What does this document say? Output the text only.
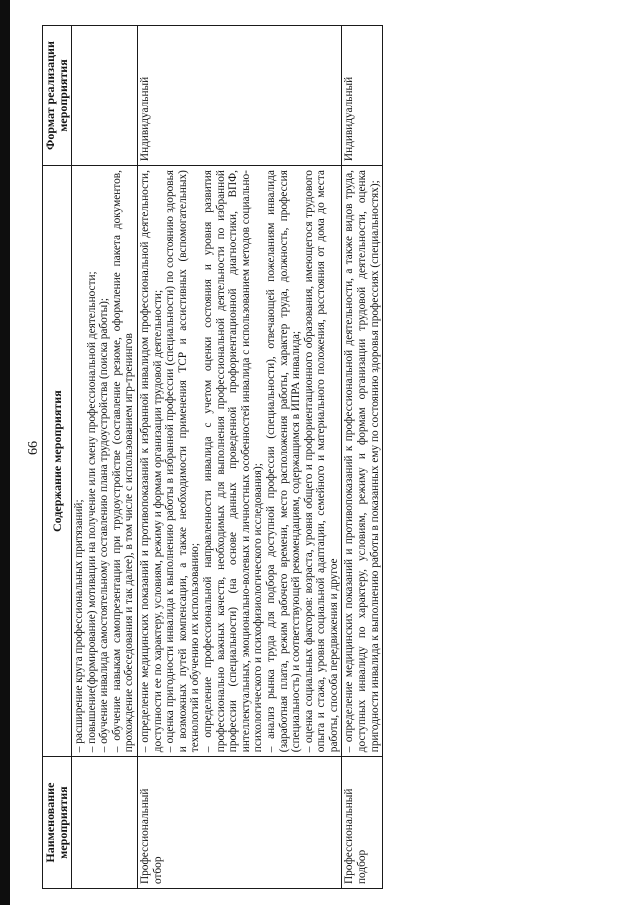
66
Наименование мероприятия	Содержание мероприятия	Формат реализации мероприятия

	– расширение круга профессиональных притязаний; – повышение(формирование) мотивации на получение или смену профессиональной деятельности; – обучение инвалида самостоятельному составлению плана трудоустройства (поиска работы); – обучение навыкам самопрезентации при трудоустройстве (составление резюме, оформление пакета документов, прохождение собеседования и так далее), в том числе с использованием игр-тренингов	

Профессиональный отбор	– определение медицинских показаний и противопоказаний к избранной инвалидом профессиональной деятельности, доступности ее по характеру, условиям, режиму и формам организации трудовой деятельности; – оценка пригодности инвалида к выполнению работы в избранной профессии (специальности) по состоянию здоровья и возможных путей компенсации, а также необходимости применения ТСР и ассистивных (вспомогательных) технологий и обучению их использованию; – определение профессиональной направленности инвалида с учетом оценки состояния и уровня развития профессионально важных качеств, необходимых для выполнения профессиональной деятельности по избранной профессии (специальности) (на основе данных проведенной профориентационной диагностики, ВПФ, интеллектуальных, эмоционально-волевых и личностных особенностей инвалида с использованием методов социально-психологического и психофизиологического исследования); – анализ рынка труда для подбора доступной профессии (специальности), отвечающей пожеланиям инвалида (заработная плата, режим рабочего времени, место расположения работы, характер труда, должность, профессия (специальность) и соответствующей рекомендациям, содержащимся в ИПРА инвалида; – оценка социальных факторов: возраста, уровня общего и профориентационного образования, имеющегося трудового опыта и стажа, уровня социальной адаптации, семейного и материального положения, расстояния от дома до места работы, способа передвижения и другое	Индивидуальный
Профессиональный подбор	– определение медицинских показаний и противопоказаний к профессиональной деятельности, а также видов труда, доступных инвалиду по характеру, условиям, режиму и формам организации трудовой деятельности, оценка пригодности инвалида к выполнению работы в показанных ему по состоянию здоровья профессиях (специальностях);	Индивидуальный
